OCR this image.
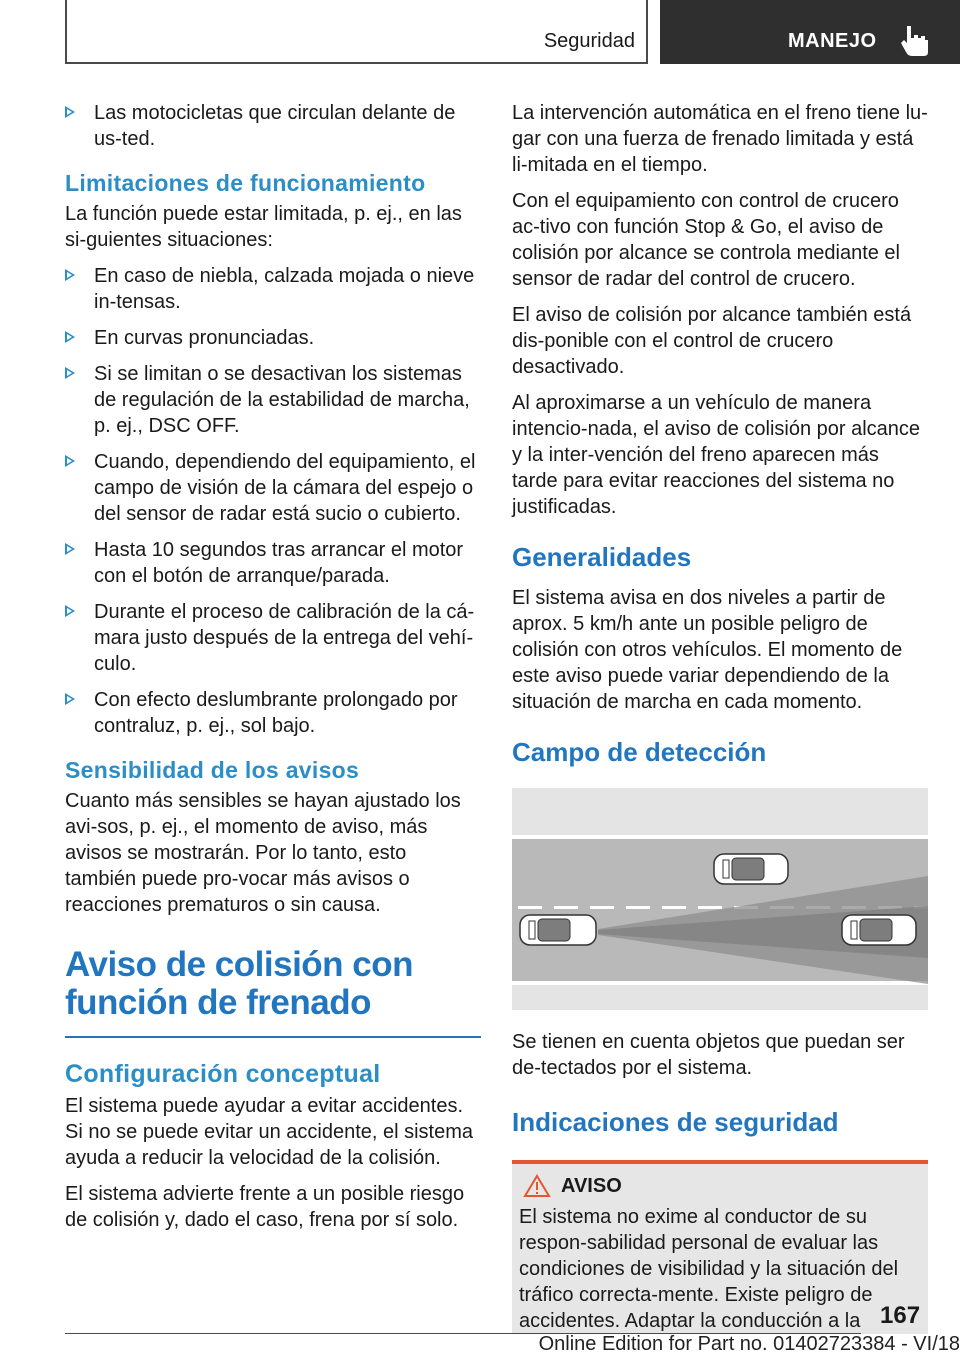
Seguridad	MANEJO
Las motocicletas que circulan delante de us-ted.
Limitaciones de funcionamiento

La función puede estar limitada, p. ej., en las si-guientes situaciones:

En caso de niebla, calzada mojada o nieve in-tensas.
En curvas pronunciadas.
Si se limitan o se desactivan los sistemas de regulación de la estabilidad de marcha, p. ej., DSC OFF.
Cuando, dependiendo del equipamiento, el campo de visión de la cámara del espejo o del sensor de radar está sucio o cubierto.
Hasta 10 segundos tras arrancar el motor con el botón de arranque/parada.
Durante el proceso de calibración de la cá-mara justo después de la entrega del vehí-culo.
Con efecto deslumbrante prolongado por contraluz, p. ej., sol bajo.
Sensibilidad de los avisos

Cuanto más sensibles se hayan ajustado los avi-sos, p. ej., el momento de aviso, más avisos se mostrarán. Por lo tanto, esto también puede pro-vocar más avisos o reacciones prematuros o sin causa.

Aviso de colisión con función de frenado
Configuración conceptual

El sistema puede ayudar a evitar accidentes. Si no se puede evitar un accidente, el sistema ayuda a reducir la velocidad de la colisión.

El sistema advierte frente a un posible riesgo de colisión y, dado el caso, frena por sí solo.

La intervención automática en el freno tiene lu-gar con una fuerza de frenado limitada y está li-mitada en el tiempo.

Con el equipamiento con control de crucero ac-tivo con función Stop & Go, el aviso de colisión por alcance se controla mediante el sensor de radar del control de crucero.

El aviso de colisión por alcance también está dis-ponible con el control de crucero desactivado.

Al aproximarse a un vehículo de manera intencio-nada, el aviso de colisión por alcance y la inter-vención del freno aparecen más tarde para evitar reacciones del sistema no justificadas.

Generalidades

El sistema avisa en dos niveles a partir de aprox. 5 km/h ante un posible peligro de colisión con otros vehículos. El momento de este aviso puede variar dependiendo de la situación de marcha en cada momento.

Campo de detección

Se tienen en cuenta objetos que puedan ser de-tectados por el sistema.

Indicaciones de seguridad
AVISO

El sistema no exime al conductor de su respon-sabilidad personal de evaluar las condiciones de visibilidad y la situación del tráfico correcta-mente. Existe peligro de accidentes. Adaptar la conducción a la 167
Online Edition for Part no. 01402723384 - VI/18
